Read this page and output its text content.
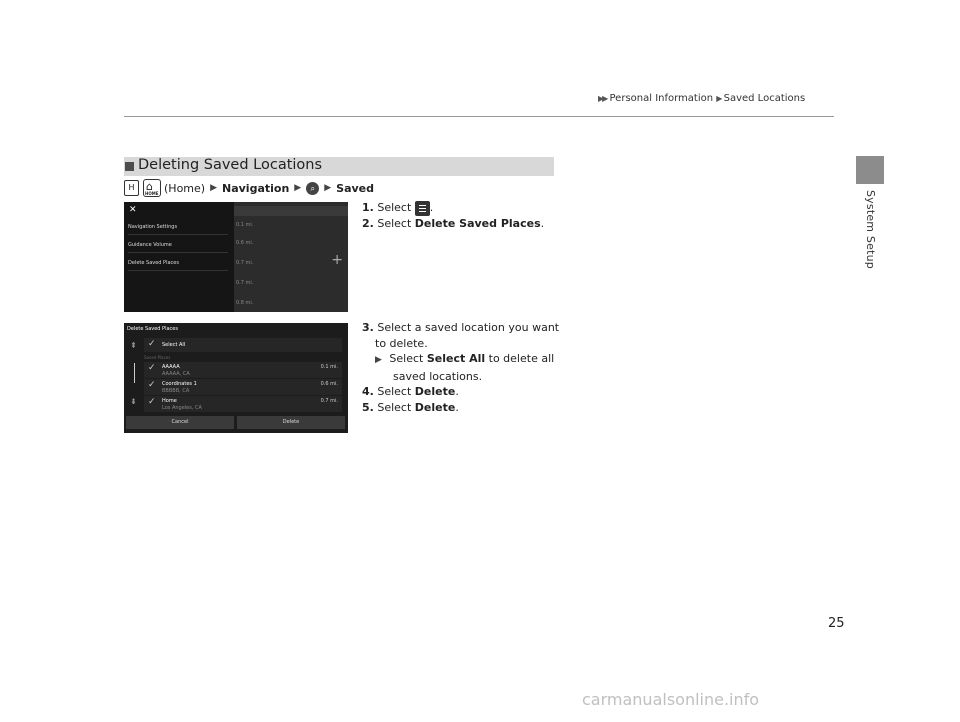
▶▶ Personal Information ▶ Saved Locations
System Setup
Deleting Saved Locations
H	⌂
HOME (Home) ▶ Navigation ▶	⌕	▶ Saved
+
✕
Navigation Settings
Guidance Volume
Delete Saved Places
0.1 mi.
0.6 mi.
0.7 mi.
0.7 mi.
0.8 mi.
Delete Saved Places
⇞
⇟
✓ Select All
Saved Places
✓ AAAAA
AAAAA, CA
0.1 mi.
✓ Coordinates 1
BBBBB, CA
0.6 mi.
✓ Home
Los Angeles, CA
0.7 mi.
Cancel	Delete
1. Select .
2. Select Delete Saved Places.
3. Select a saved location you want
to delete.
▶ Select Select All to delete all
saved locations.
4. Select Delete.
5. Select Delete.
25
carmanualsonline.info
